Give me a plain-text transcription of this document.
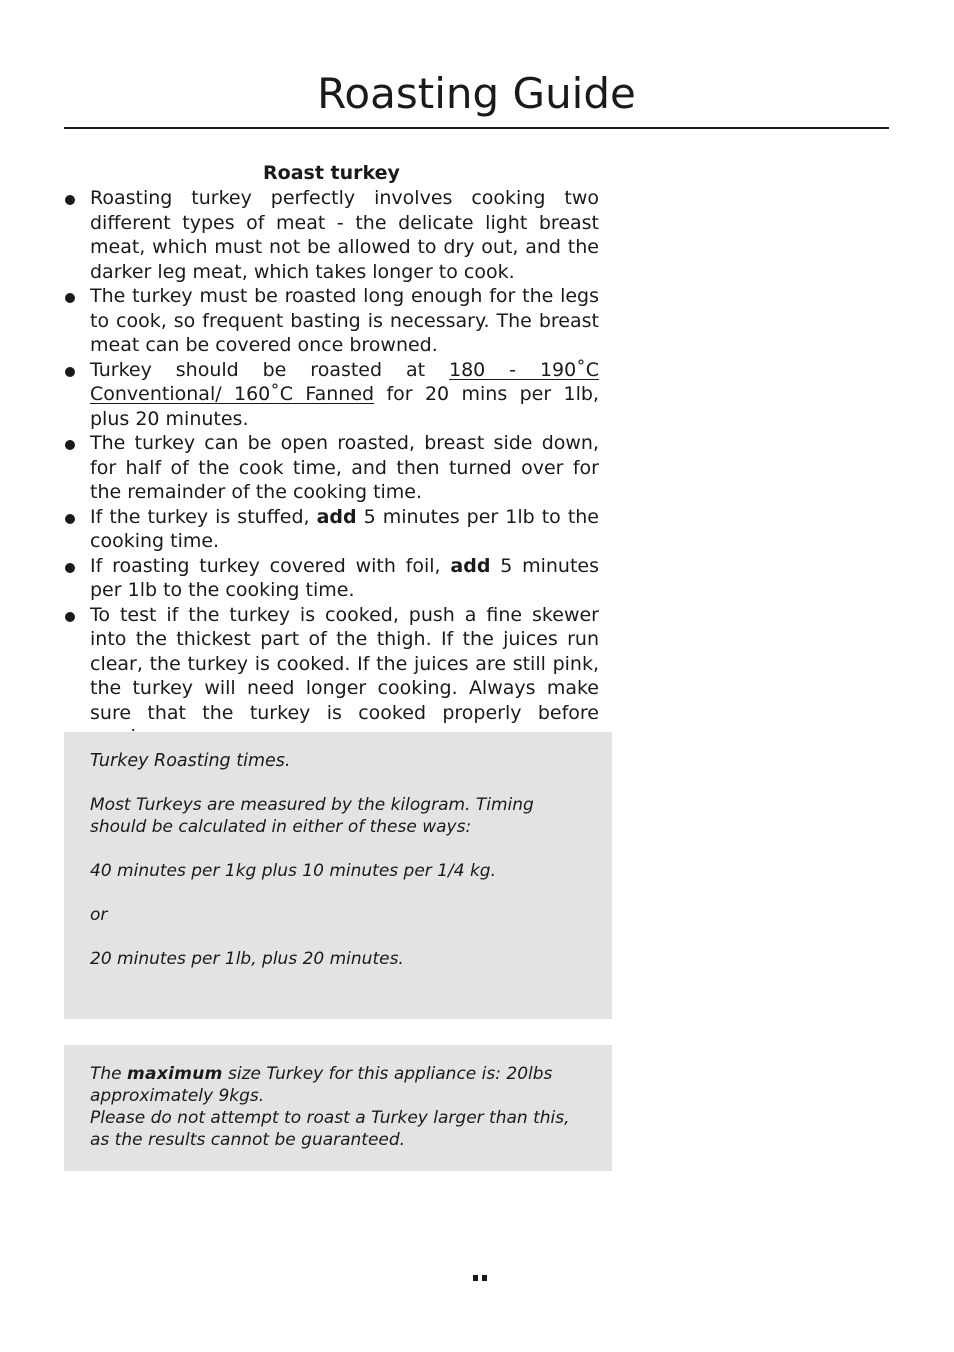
Roasting Guide
Roast turkey
Roasting turkey perfectly involves cooking two different types of meat - the delicate light breast meat, which must not be allowed to dry out, and the darker leg meat, which takes longer to cook.
The turkey must be roasted long enough for the legs to cook, so frequent basting is necessary. The breast meat can be covered once browned.
Turkey should be roasted at 180 - 190˚C Conventional/ 160˚C Fanned for 20 mins per 1lb, plus 20 minutes.
The turkey can be open roasted, breast side down, for half of the cook time, and then turned over for the remainder of the cooking time.
If the turkey is stuffed, add 5 minutes per 1lb to the cooking time.
If roasting turkey covered with foil, add 5 minutes per 1lb to the cooking time.
To test if the turkey is cooked, push a fine skewer into the thickest part of the thigh. If the juices run clear, the turkey is cooked. If the juices are still pink, the turkey will need longer cooking. Always make sure that the turkey is cooked properly before

Turkey Roasting times.

Most Turkeys are measured by the kilogram. Timing should be calculated in either of these ways:

40 minutes per 1kg plus 10 minutes per 1/4 kg.

or

20 minutes per 1lb, plus 20 minutes.

The maximum size Turkey for this appliance is: 20lbs approximately 9kgs.

Please do not attempt to roast a Turkey larger than this, as the results cannot be guaranteed.
